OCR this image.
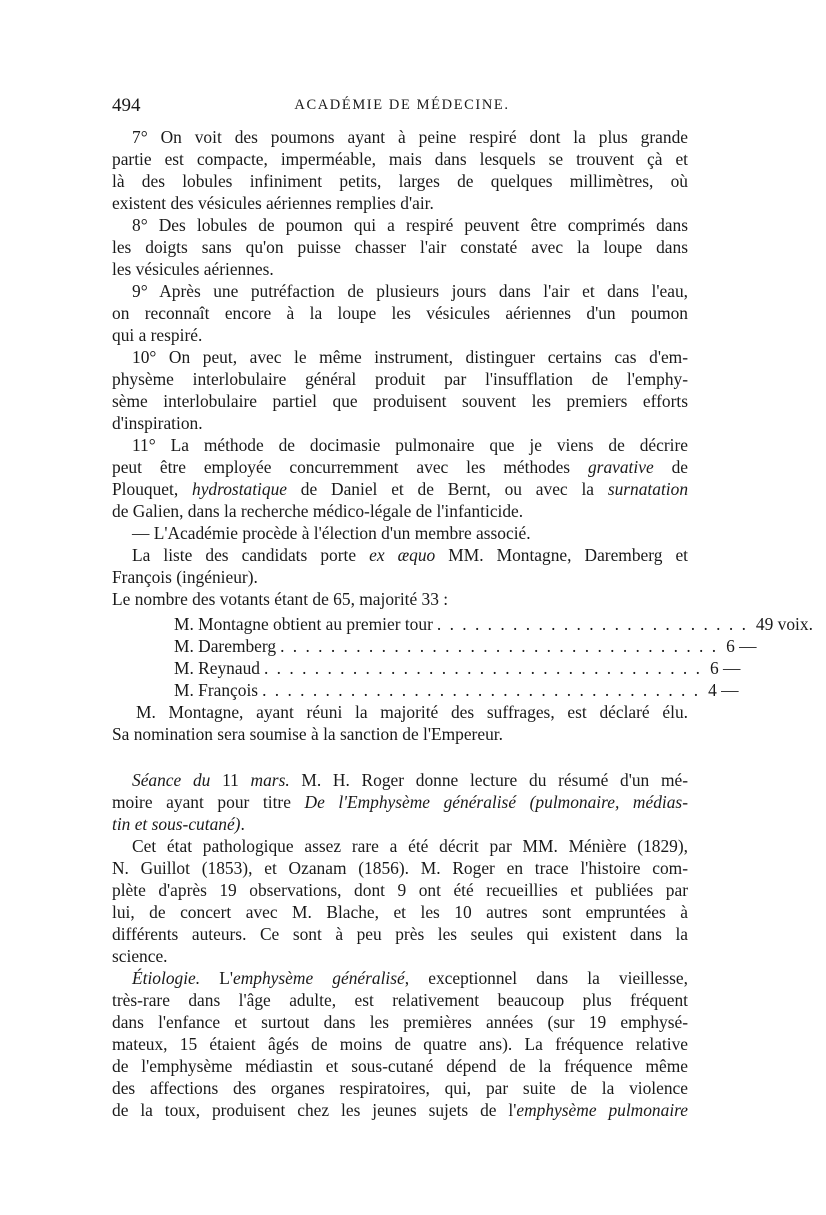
494	ACADÉMIE DE MÉDECINE.
7° On voit des poumons ayant à peine respiré dont la plus grande
partie est compacte, imperméable, mais dans lesquels se trouvent çà et
là des lobules infiniment petits, larges de quelques millimètres, où
existent des vésicules aériennes remplies d'air.
8° Des lobules de poumon qui a respiré peuvent être comprimés dans
les doigts sans qu'on puisse chasser l'air constaté avec la loupe dans
les vésicules aériennes.
9° Après une putréfaction de plusieurs jours dans l'air et dans l'eau,
on reconnaît encore à la loupe les vésicules aériennes d'un poumon
qui a respiré.
10° On peut, avec le même instrument, distinguer certains cas d'em-
physème interlobulaire général produit par l'insufflation de l'emphy-
sème interlobulaire partiel que produisent souvent les premiers efforts
d'inspiration.
11° La méthode de docimasie pulmonaire que je viens de décrire
peut être employée concurremment avec les méthodes gravative de
Plouquet, hydrostatique de Daniel et de Bernt, ou avec la surnatation
de Galien, dans la recherche médico-légale de l'infanticide.
— L'Académie procède à l'élection d'un membre associé.
La liste des candidats porte ex æquo MM. Montagne, Daremberg et
François (ingénieur).
Le nombre des votants étant de 65, majorité 33 :
M. Montagne obtient au premier tour . . . . . . . . . . . . . . . . . . . . . . . . . 49 voix.
M. Daremberg . . . . . . . . . . . . . . . . . . . . . . . . . . . . . . . . . . . 6 —
M. Reynaud . . . . . . . . . . . . . . . . . . . . . . . . . . . . . . . . . . . 6 —
M. François . . . . . . . . . . . . . . . . . . . . . . . . . . . . . . . . . . . 4 —
M. Montagne, ayant réuni la majorité des suffrages, est déclaré élu.
Sa nomination sera soumise à la sanction de l'Empereur.
Séance du 11 mars. M. H. Roger donne lecture du résumé d'un mé-
moire ayant pour titre De l'Emphysème généralisé (pulmonaire, médias-
tin et sous-cutané).
Cet état pathologique assez rare a été décrit par MM. Ménière (1829),
N. Guillot (1853), et Ozanam (1856). M. Roger en trace l'histoire com-
plète d'après 19 observations, dont 9 ont été recueillies et publiées par
lui, de concert avec M. Blache, et les 10 autres sont empruntées à
différents auteurs. Ce sont à peu près les seules qui existent dans la
science.
Étiologie. L'emphysème généralisé, exceptionnel dans la vieillesse,
très-rare dans l'âge adulte, est relativement beaucoup plus fréquent
dans l'enfance et surtout dans les premières années (sur 19 emphysé-
mateux, 15 étaient âgés de moins de quatre ans). La fréquence relative
de l'emphysème médiastin et sous-cutané dépend de la fréquence même
des affections des organes respiratoires, qui, par suite de la violence
de la toux, produisent chez les jeunes sujets de l'emphysème pulmonaire
